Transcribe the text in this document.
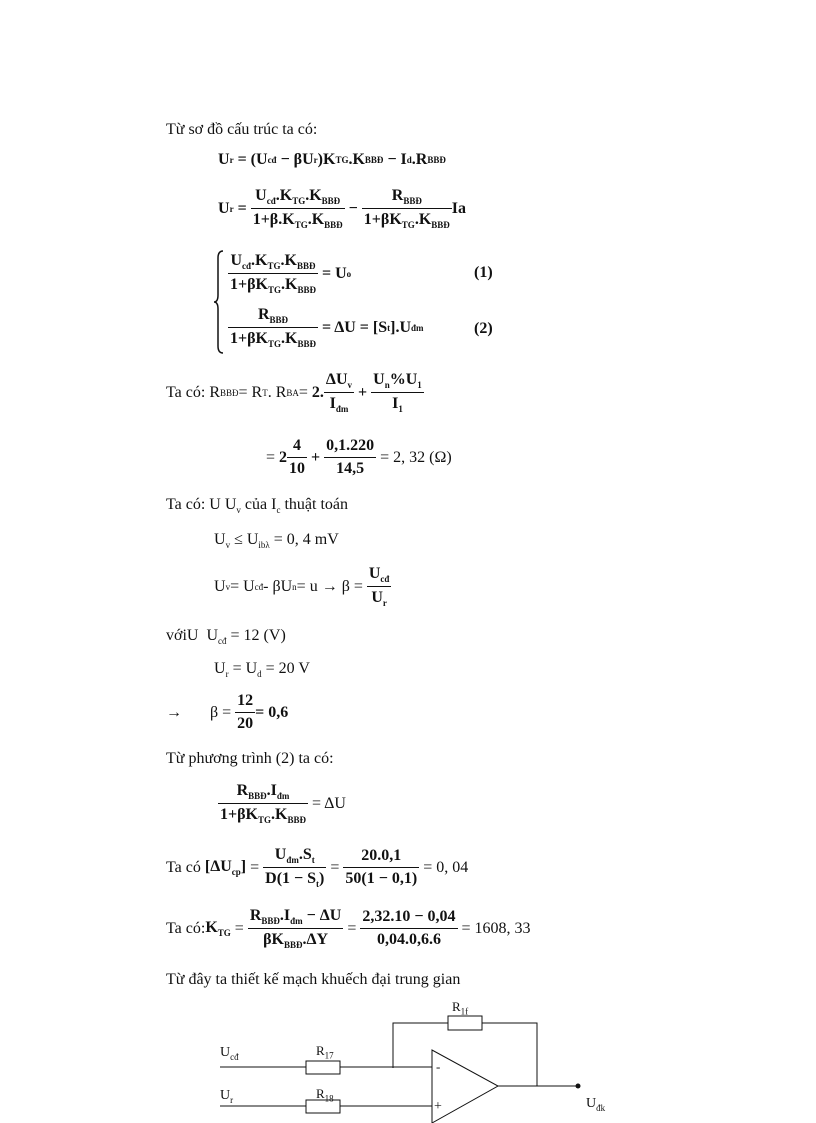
Từ sơ đồ cấu trúc ta có:
U r = (U cđ − βU r )K TG .K BBĐ − I d .R BBĐ
U $r = \frac{U_{cđ}.K_{TG}.K_{BBĐ}}{1+\beta.K_{TG}.K_{BBĐ}} - \frac{R_{BBĐ}}{1+\beta K_{TG}.K_{BBĐ}}$ Ia
$\frac{U_{cđ}.K_{TG}.K_{BBĐ}}{1+\beta K_{TG}.K_{BBĐ}} = U$ o	(1)
$\frac{R_{BBĐ}}{1+\beta K_{TG}.K_{BBĐ}} = \Delta U = [S$ t ].U đm	(2)
Ta có: R BBĐ = R T . R BA = 2. $\frac{\Delta U_v}{I_{đm}} + \frac{U_n\%U_1}{I_1}$
= $2 \frac{4}{10} + \frac{0,1.220}{14,5}$
= 2, 32 (Ω)
Ta có: U $U_v$ của $I_c$ thuật toán
$U_v \le U_{ib\lambda} = 0$, 4 mV
U v = U cđ - βU $n = u \to \beta = \frac{U_{cđ}}{U_r}$
vớiU  $U_{cđ} = 12$ (V)
$U_r = U_d = 20$ V
→ $\beta = \frac{12}{20} = 0,6$
Từ phương trình (2) ta có:
$\frac{R_{BBĐ}.I_{đm}}{1+\beta K_{TG}.K_{BBĐ}} = \Delta U$
Ta có
$[\Delta U_{cp}] = \frac{U_{đm}.S_t}{D(1 - S_t)} = \frac{20.0,1}{50(1 - 0,1)}$
= 0, 04
Ta có: $K_{TG} = \frac{R_{BBĐ}.I_{đm} - \Delta U}{\beta K_{BBĐ}.\Delta Y} = \frac{2,32.10 - 0,04}{0,04.0,6.6}$
= 1608, 33
Từ đây ta thiết kế mạch khuếch đại trung gian
$R_{1f}$
$R_{17}$
$R_{18}$
$U_{cđ}$
$U_r$	$U_{đk}$
-
+
